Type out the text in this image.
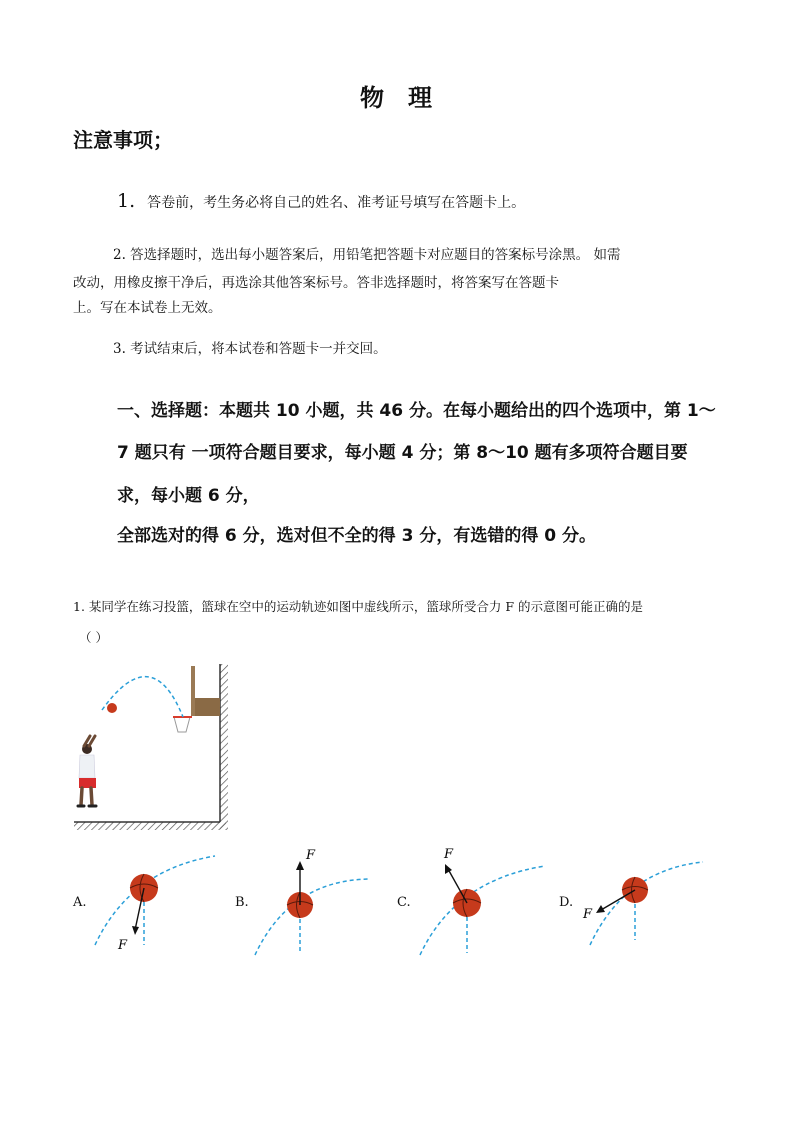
物 理
注意事项；
1. 答卷前，考生务必将自己的姓名、准考证号填写在答题卡上。
2. 答选择题时，选出每小题答案后，用铅笔把答题卡对应题目的答案标号涂黑。 如需
改动，用橡皮擦干净后，再选涂其他答案标号。答非选择题时，将答案写在答题卡
上。写在本试卷上无效。
3. 考试结束后，将本试卷和答题卡一并交回。
一、选择题：本题共 10 小题，共 46 分。在每小题给出的四个选项中，第 1～
7 题只有 一项符合题目要求，每小题 4 分；第 8～10 题有多项符合题目要
求，每小题 6 分，
全部选对的得 6 分，选对但不全的得 3 分，有选错的得 0 分。
1. 某同学在练习投篮，篮球在空中的运动轨迹如图中虚线所示，篮球所受合力 F 的示意图可能正确的是
（ ）
A.
F
B.
F
C.
F
D.
F
